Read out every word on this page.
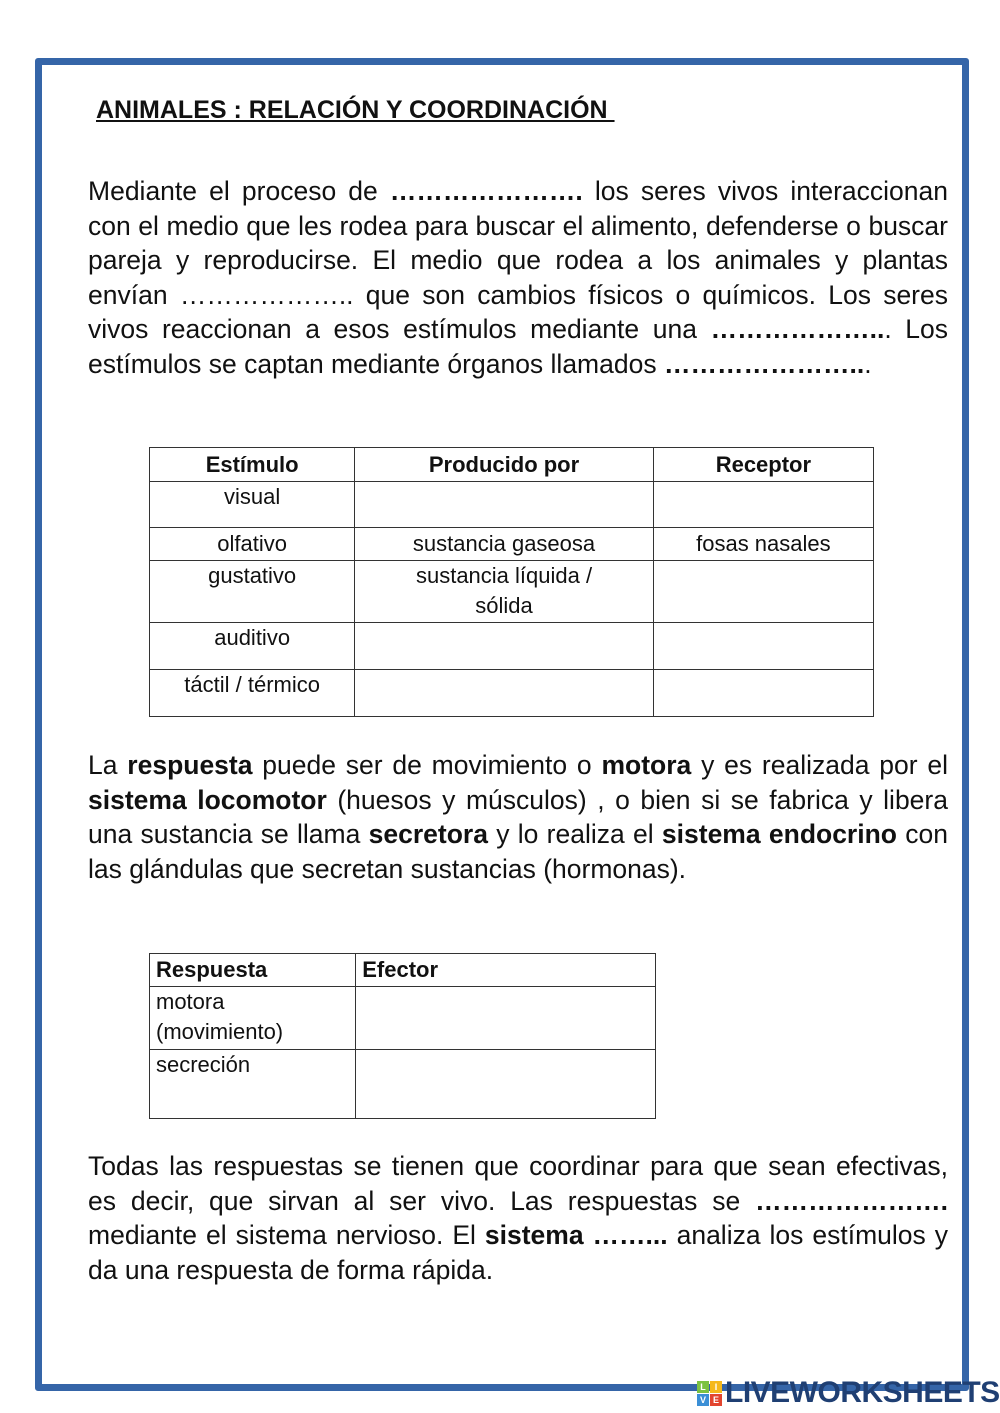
ANIMALES : RELACIÓN Y COORDINACIÓN
Mediante el proceso de …………………. los seres vivos interaccionan con el medio que les rodea para buscar el alimento, defenderse o buscar pareja y reproducirse. El medio que rodea a los animales y plantas envían ……………….. que son cambios físicos o químicos. Los seres vivos reaccionan a esos estímulos mediante una ………………... Los estímulos se captan mediante órganos llamados …………………...
Estímulo	Producido por	Receptor
visual		
olfativo	sustancia gaseosa	fosas nasales
gustativo	sustancia líquida / sólida	
auditivo		
táctil / térmico		
La respuesta puede ser de movimiento o motora y es realizada por el sistema locomotor (huesos y músculos) , o bien si se fabrica y libera una sustancia se llama secretora y lo realiza el sistema endocrino con las glándulas que secretan sustancias (hormonas).
Respuesta	Efector
motora (movimiento)	
secreción	
Todas las respuestas se tienen que coordinar para que sean efectivas, es decir, que sirvan al ser vivo. Las respuestas se ………………….   mediante el sistema nervioso. El sistema ……... analiza los estímulos y da una respuesta de forma rápida.
L I
V E LIVEWORKSHEETS
